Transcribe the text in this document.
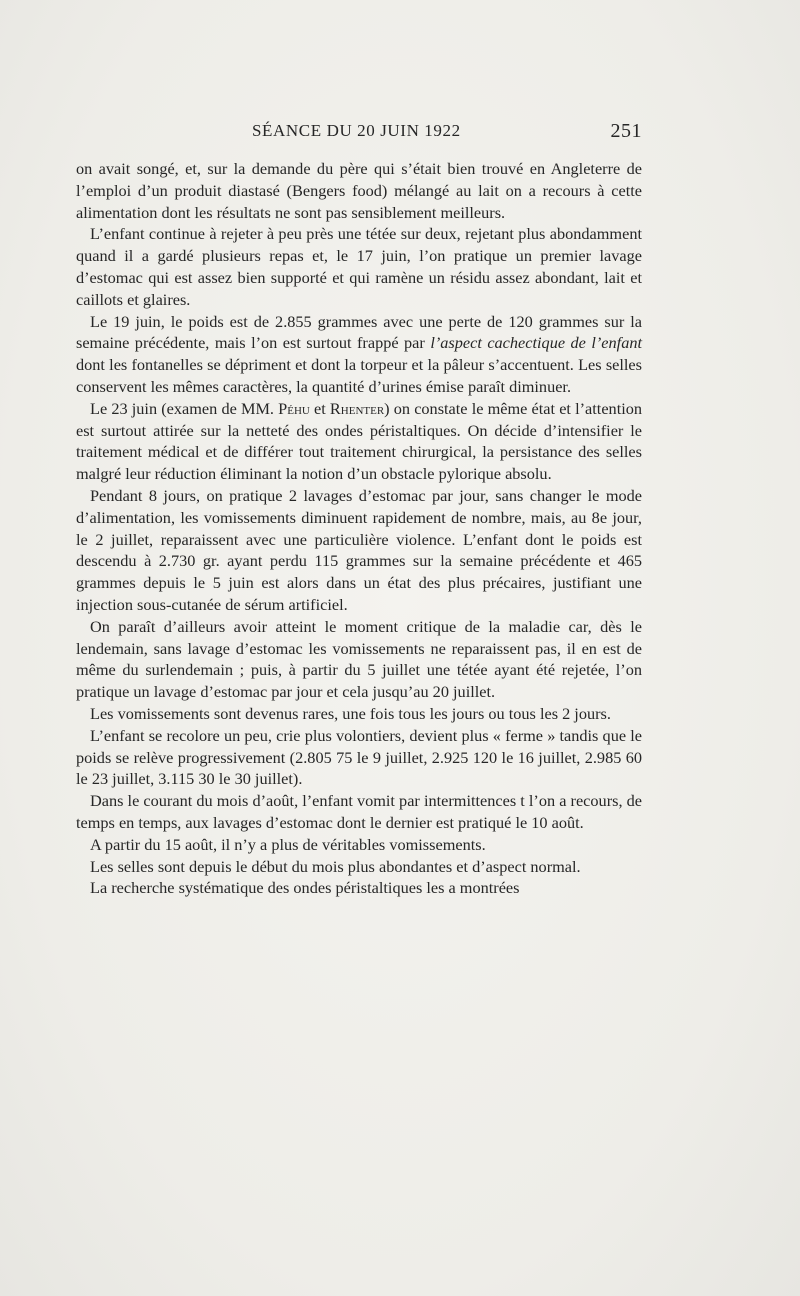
SÉANCE DU 20 JUIN 1922	251

on avait songé, et, sur la demande du père qui s’était bien trouvé en Angleterre de l’emploi d’un produit diastasé (Bengers food) mélangé au lait on a recours à cette alimentation dont les résultats ne sont pas sensiblement meilleurs.

L’enfant continue à rejeter à peu près une tétée sur deux, rejetant plus abondamment quand il a gardé plusieurs repas et, le 17 juin, l’on pratique un premier lavage d’estomac qui est assez bien supporté et qui ramène un résidu assez abondant, lait et caillots et glaires.

Le 19 juin, le poids est de 2.855 grammes avec une perte de 120 grammes sur la semaine précédente, mais l’on est surtout frappé par l’aspect cachectique de l’enfant dont les fontanelles se dépriment et dont la torpeur et la pâleur s’accentuent. Les selles conservent les mêmes caractères, la quantité d’urines émise paraît diminuer.

Le 23 juin (examen de MM. Péhu et Rhenter) on constate le même état et l’attention est surtout attirée sur la netteté des ondes péristaltiques. On décide d’intensifier le traitement médical et de différer tout traitement chirurgical, la persistance des selles malgré leur réduction éliminant la notion d’un obstacle pylorique absolu.

Pendant 8 jours, on pratique 2 lavages d’estomac par jour, sans changer le mode d’alimentation, les vomissements diminuent rapidement de nombre, mais, au 8e jour, le 2 juillet, reparaissent avec une particulière violence. L’enfant dont le poids est descendu à 2.730 gr. ayant perdu 115 grammes sur la semaine précédente et 465 grammes depuis le 5 juin est alors dans un état des plus précaires, justifiant une injection sous-cutanée de sérum artificiel.

On paraît d’ailleurs avoir atteint le moment critique de la maladie car, dès le lendemain, sans lavage d’estomac les vomissements ne reparaissent pas, il en est de même du surlendemain ; puis, à partir du 5 juillet une tétée ayant été rejetée, l’on pratique un lavage d’estomac par jour et cela jusqu’au 20 juillet.

Les vomissements sont devenus rares, une fois tous les jours ou tous les 2 jours.

L’enfant se recolore un peu, crie plus volontiers, devient plus « ferme » tandis que le poids se relève progressivement (2.805 75 le 9 juillet, 2.925 120 le 16 juillet, 2.985 60 le 23 juillet, 3.115 30 le 30 juillet).

Dans le courant du mois d’août, l’enfant vomit par intermittences t l’on a recours, de temps en temps, aux lavages d’estomac dont le dernier est pratiqué le 10 août.

A partir du 15 août, il n’y a plus de véritables vomissements.

Les selles sont depuis le début du mois plus abondantes et d’aspect normal.

La recherche systématique des ondes péristaltiques les a montrées
